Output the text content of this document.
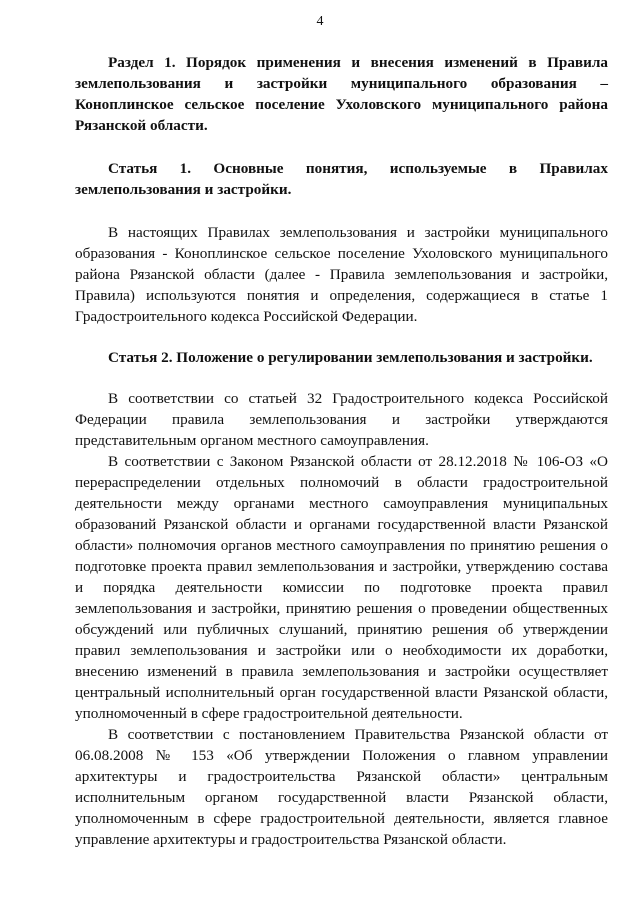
4

Раздел 1. Порядок применения и внесения изменений в Правила землепользования и застройки муниципального образования – Коноплинское сельское поселение Ухоловского муниципального района Рязанской области.

Статья 1. Основные понятия, используемые в Правилах землепользования и застройки.

В настоящих Правилах землепользования и застройки муниципального образования - Коноплинское сельское поселение Ухоловского муниципального района Рязанской области (далее - Правила землепользования и застройки, Правила) используются понятия и определения, содержащиеся в статье 1 Градостроительного кодекса Российской Федерации.

Статья 2. Положение о регулировании землепользования и застройки.

В соответствии со статьей 32 Градостроительного кодекса Российской Федерации правила землепользования и застройки утверждаются представительным органом местного самоуправления.

В соответствии с Законом Рязанской области от 28.12.2018 № 106-ОЗ «О перераспределении отдельных полномочий в области градостроительной деятельности между органами местного самоуправления муниципальных образований Рязанской области и органами государственной власти Рязанской области» полномочия органов местного самоуправления по принятию решения о подготовке проекта правил землепользования и застройки, утверждению состава и порядка деятельности комиссии по подготовке проекта правил землепользования и застройки, принятию решения о проведении общественных обсуждений или публичных слушаний, принятию решения об утверждении правил землепользования и застройки или о необходимости их доработки, внесению изменений в правила землепользования и застройки осуществляет центральный исполнительный орган государственной власти Рязанской области, уполномоченный в сфере градостроительной деятельности.

В соответствии с постановлением Правительства Рязанской области от 06.08.2008 № 153 «Об утверждении Положения о главном управлении архитектуры и градостроительства Рязанской области» центральным исполнительным органом государственной власти Рязанской области, уполномоченным в сфере градостроительной деятельности, является главное управление архитектуры и градостроительства Рязанской области.
